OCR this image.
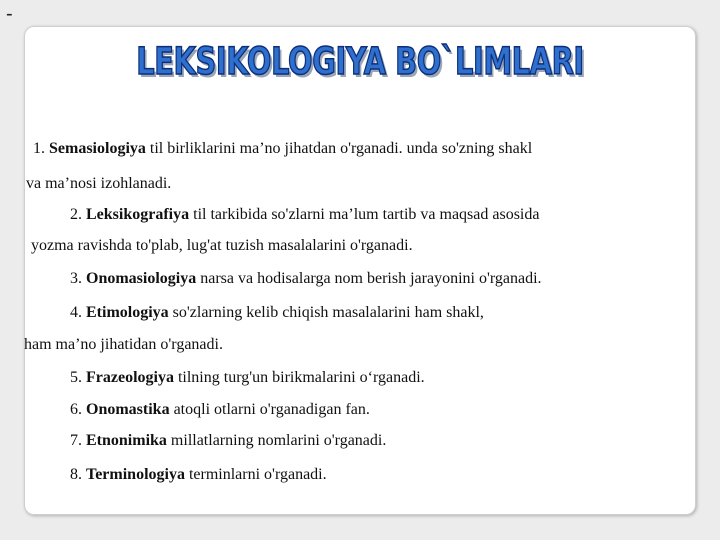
-
LEKSIKOLOGIYA BO`LIMLARI
1. Semasiologiya til birliklarini ma’no jihatdan o'rganadi. unda so'zning shakl
va ma’nosi izohlanadi.
2. Leksikografiya til tarkibida so'zlarni ma’lum tartib va maqsad asosida
yozma ravishda to'plab, lug'at tuzish masalalarini o'rganadi.
3. Onomasiologiya narsa va hodisalarga nom berish jarayonini o'rganadi.
4. Etimologiya so'zlarning kelib chiqish masalalarini ham shakl,
ham ma’no jihatidan o'rganadi.
5. Frazeologiya tilning turg'un birikmalarini o‘rganadi.
6. Onomastika atoqli otlarni o'rganadigan fan.
7. Etnonimika millatlarning nomlarini o'rganadi.
8. Terminologiya terminlarni o'rganadi.
